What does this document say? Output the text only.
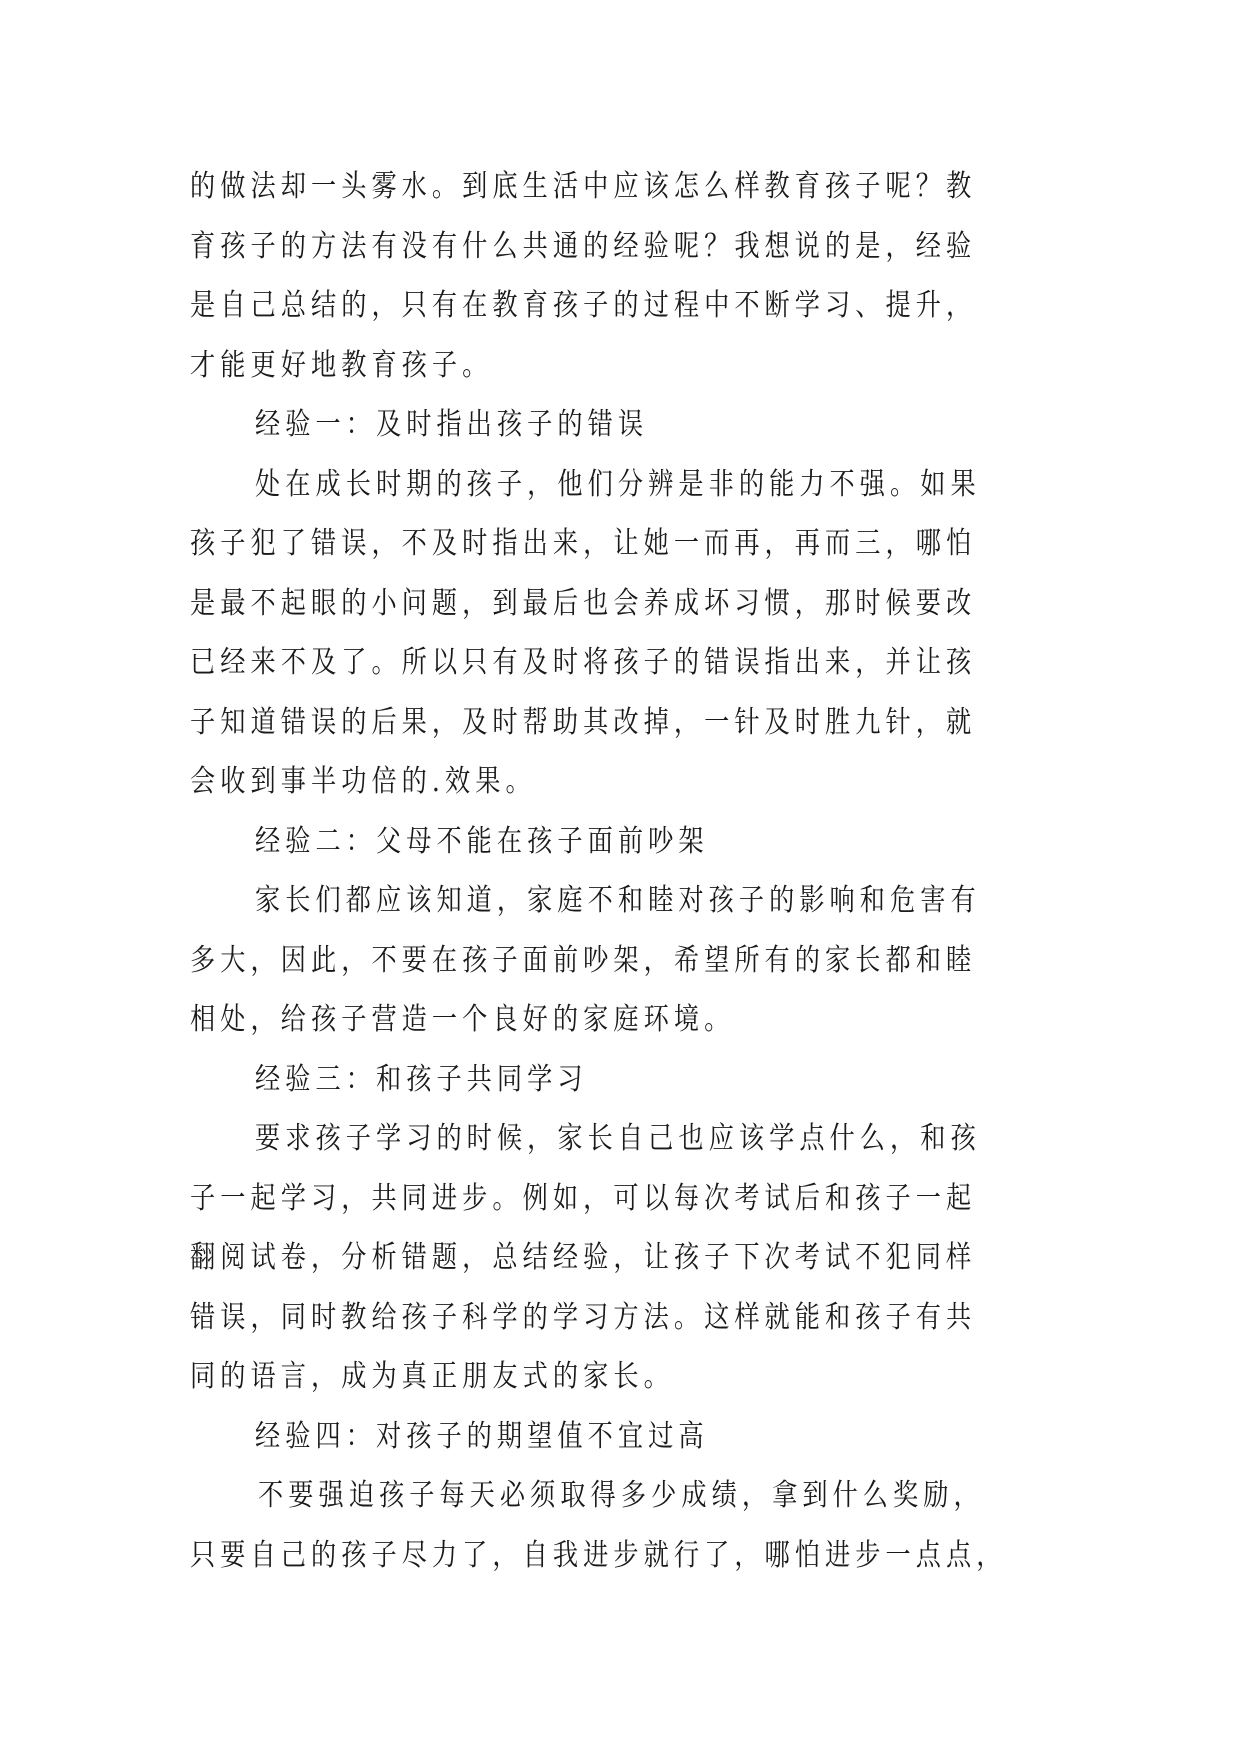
的做法却一头雾水。到底生活中应该怎么样教育孩子呢？教
育孩子的方法有没有什么共通的经验呢？我想说的是，经验
是自己总结的，只有在教育孩子的过程中不断学习、提升，
才能更好地教育孩子。
经验一：及时指出孩子的错误
处在成长时期的孩子，他们分辨是非的能力不强。如果
孩子犯了错误，不及时指出来，让她一而再，再而三，哪怕
是最不起眼的小问题，到最后也会养成坏习惯，那时候要改
已经来不及了。所以只有及时将孩子的错误指出来，并让孩
子知道错误的后果，及时帮助其改掉，一针及时胜九针，就
会收到事半功倍的.效果。
经验二：父母不能在孩子面前吵架
家长们都应该知道，家庭不和睦对孩子的影响和危害有
多大，因此，不要在孩子面前吵架，希望所有的家长都和睦
相处，给孩子营造一个良好的家庭环境。
经验三：和孩子共同学习
要求孩子学习的时候，家长自己也应该学点什么，和孩
子一起学习，共同进步。例如，可以每次考试后和孩子一起
翻阅试卷，分析错题，总结经验，让孩子下次考试不犯同样
错误，同时教给孩子科学的学习方法。这样就能和孩子有共
同的语言，成为真正朋友式的家长。
经验四：对孩子的期望值不宜过高
不要强迫孩子每天必须取得多少成绩，拿到什么奖励，
只要自己的孩子尽力了，自我进步就行了，哪怕进步一点点，
